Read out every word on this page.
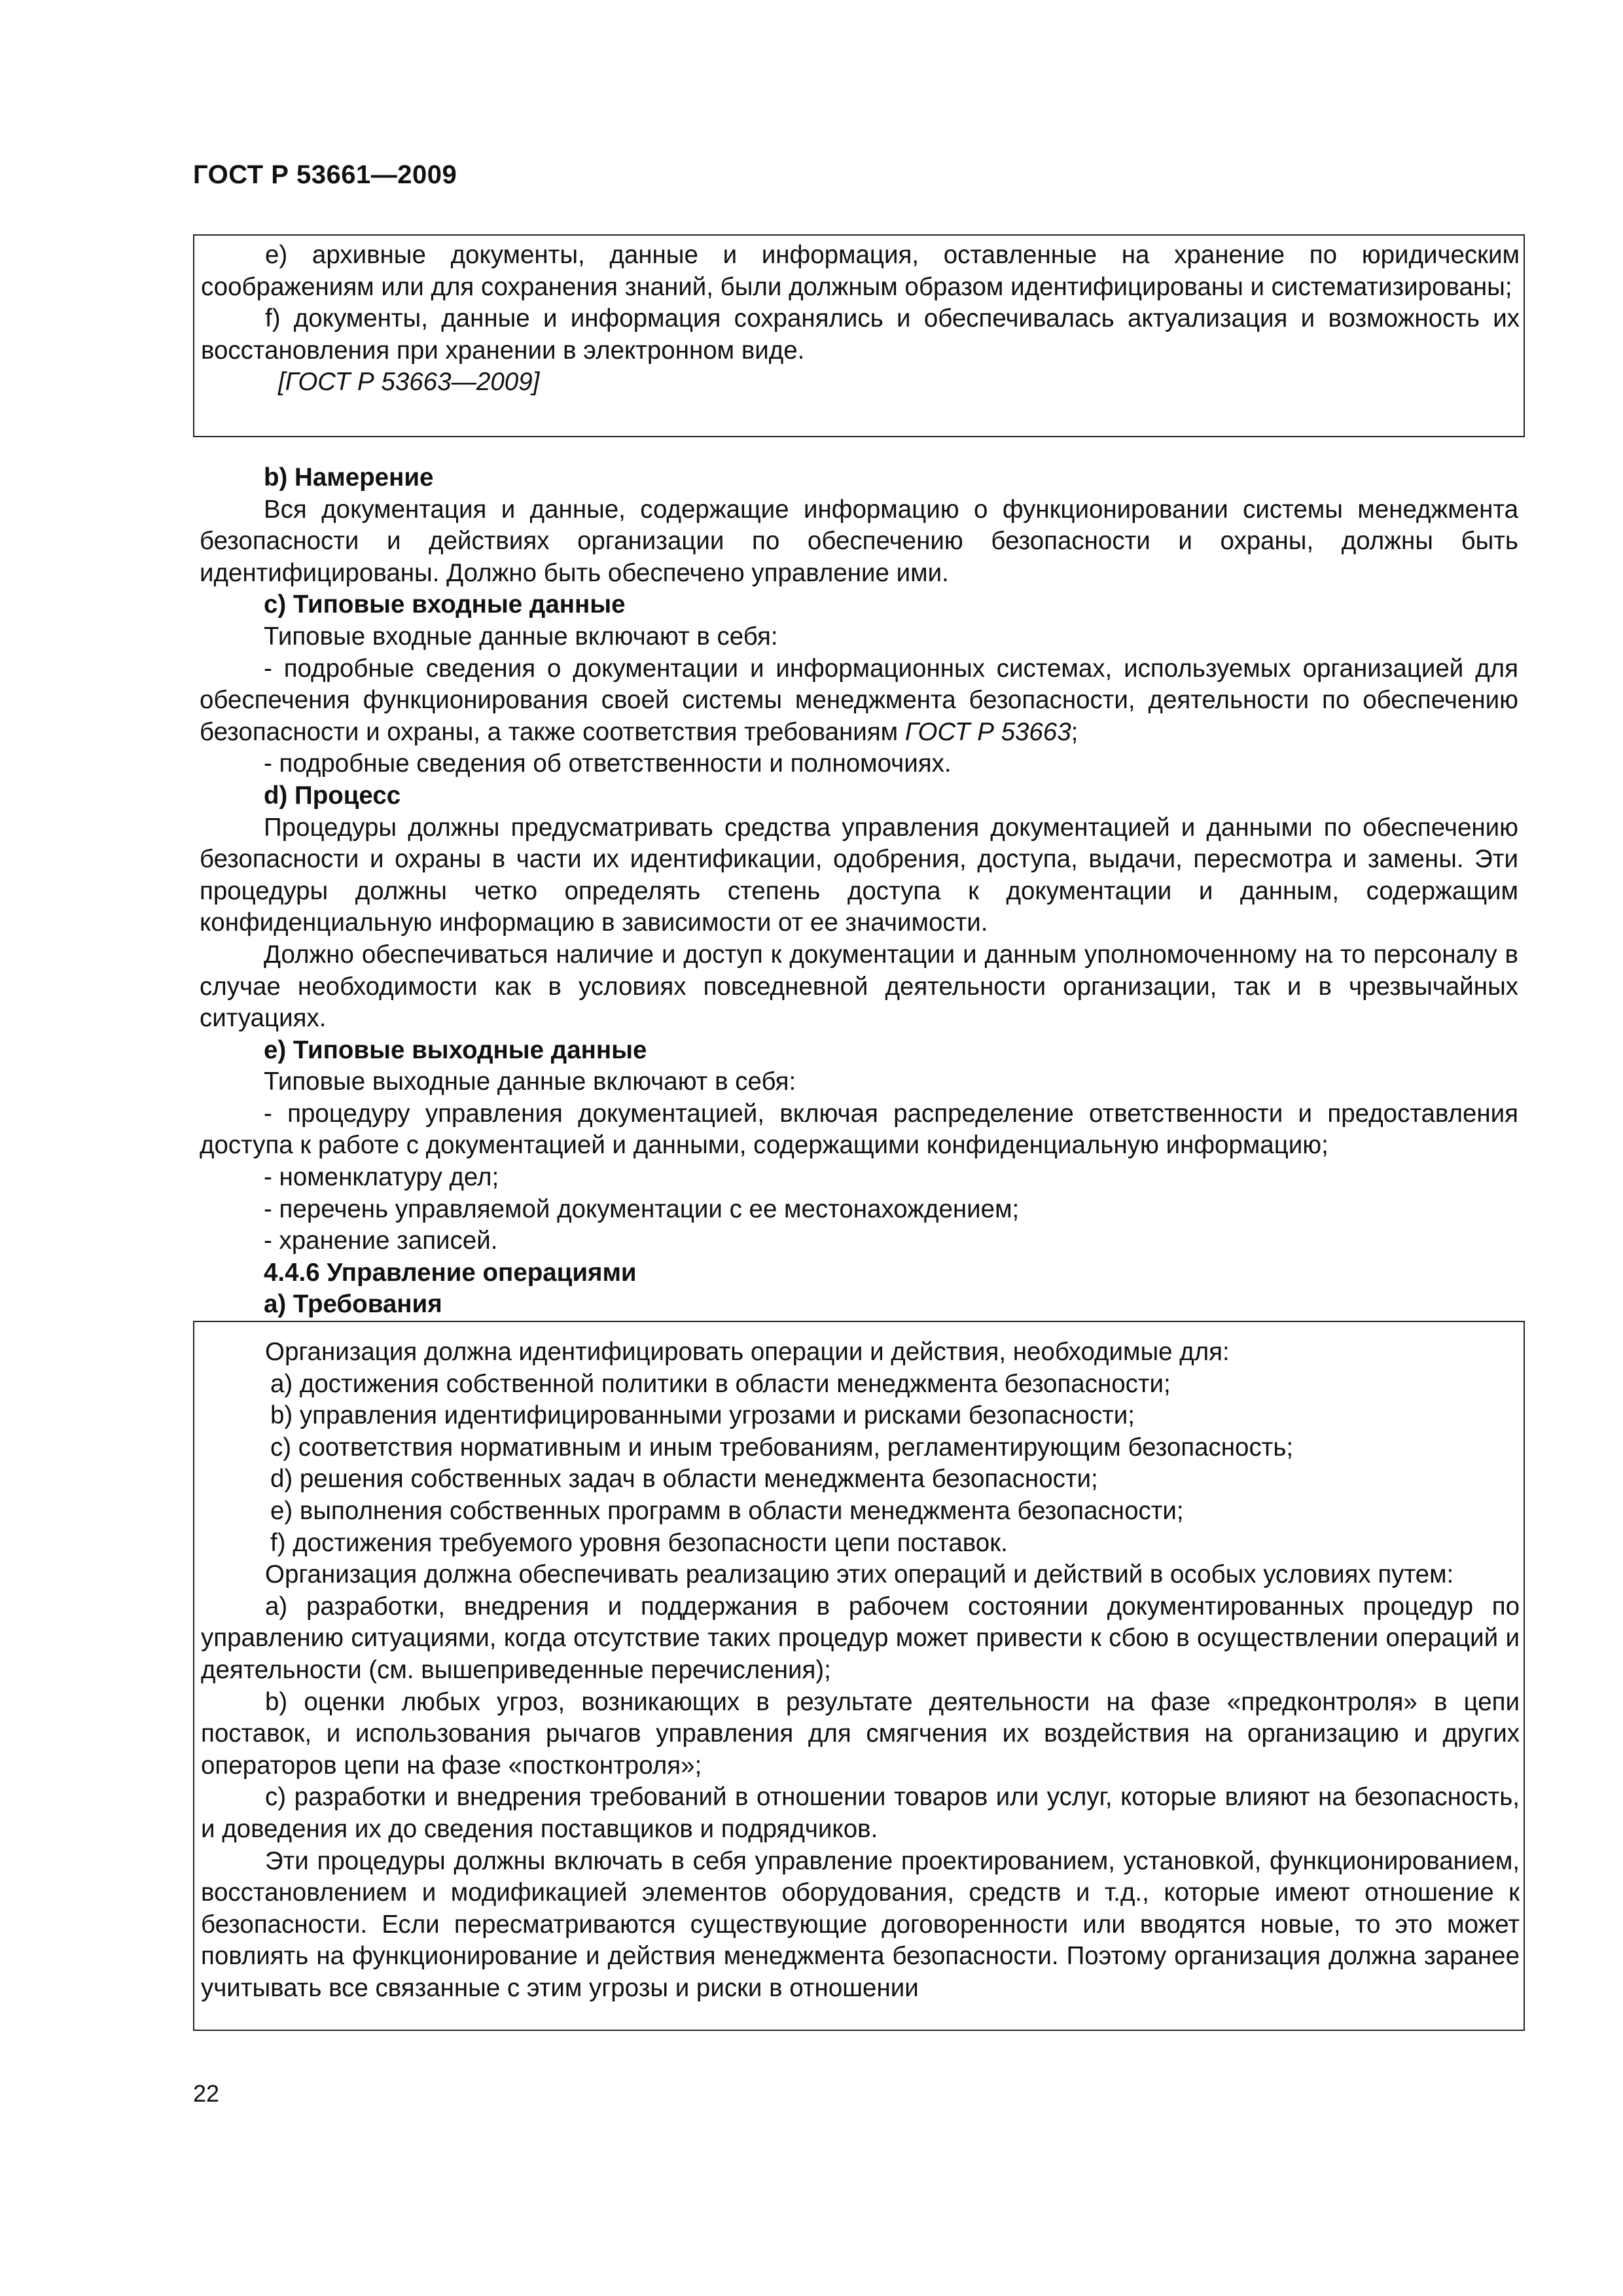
ГОСТ Р 53661—2009

e) архивные документы, данные и информация, оставленные на хранение по юридическим соображениям или для сохранения знаний, были должным образом идентифицированы и систематизированы;

f) документы, данные и информация сохранялись и обеспечивалась актуализация и возможность их восстановления при хранении в электронном виде.

[ГОСТ Р 53663—2009]

b) Намерение

Вся документация и данные, содержащие информацию о функционировании системы менеджмента безопасности и действиях организации по обеспечению безопасности и охраны, должны быть идентифицированы. Должно быть обеспечено управление ими.

c) Типовые входные данные

Типовые входные данные включают в себя:

- подробные сведения о документации и информационных системах, используемых организацией для обеспечения функционирования своей системы менеджмента безопасности, деятельности по обеспечению безопасности и охраны, а также соответствия требованиям ГОСТ Р 53663;

- подробные сведения об ответственности и полномочиях.

d) Процесс

Процедуры должны предусматривать средства управления документацией и данными по обеспечению безопасности и охраны в части их идентификации, одобрения, доступа, выдачи, пересмотра и замены. Эти процедуры должны четко определять степень доступа к документации и данным, содержащим конфиденциальную информацию в зависимости от ее значимости.

Должно обеспечиваться наличие и доступ к документации и данным уполномоченному на то персоналу в случае необходимости как в условиях повседневной деятельности организации, так и в чрезвычайных ситуациях.

e) Типовые выходные данные

Типовые выходные данные включают в себя:

- процедуру управления документацией, включая распределение ответственности и предоставления доступа к работе с документацией и данными, содержащими конфиденциальную информацию;

- номенклатуру дел;

- перечень управляемой документации с ее местонахождением;

- хранение записей.

4.4.6 Управление операциями

a) Требования

Организация должна идентифицировать операции и действия, необходимые для:

a) достижения собственной политики в области менеджмента безопасности;

b) управления идентифицированными угрозами и рисками безопасности;

c) соответствия нормативным и иным требованиям, регламентирующим безопасность;

d) решения собственных задач в области менеджмента безопасности;

e) выполнения собственных программ в области менеджмента безопасности;

f) достижения требуемого уровня безопасности цепи поставок.

Организация должна обеспечивать реализацию этих операций и действий в особых условиях путем:

a) разработки, внедрения и поддержания в рабочем состоянии документированных процедур по управлению ситуациями, когда отсутствие таких процедур может привести к сбою в осуществлении операций и деятельности (см. вышеприведенные перечисления);

b) оценки любых угроз, возникающих в результате деятельности на фазе «предконтроля» в цепи поставок, и использования рычагов управления для смягчения их воздействия на организацию и других операторов цепи на фазе «постконтроля»;

c) разработки и внедрения требований в отношении товаров или услуг, которые влияют на безопасность, и доведения их до сведения поставщиков и подрядчиков.

Эти процедуры должны включать в себя управление проектированием, установкой, функционированием, восстановлением и модификацией элементов оборудования, средств и т.д., которые имеют отношение к безопасности. Если пересматриваются существующие договоренности или вводятся новые, то это может повлиять на функционирование и действия менеджмента безопасности. Поэтому организация должна заранее учитывать все связанные с этим угрозы и риски в отношении

22
